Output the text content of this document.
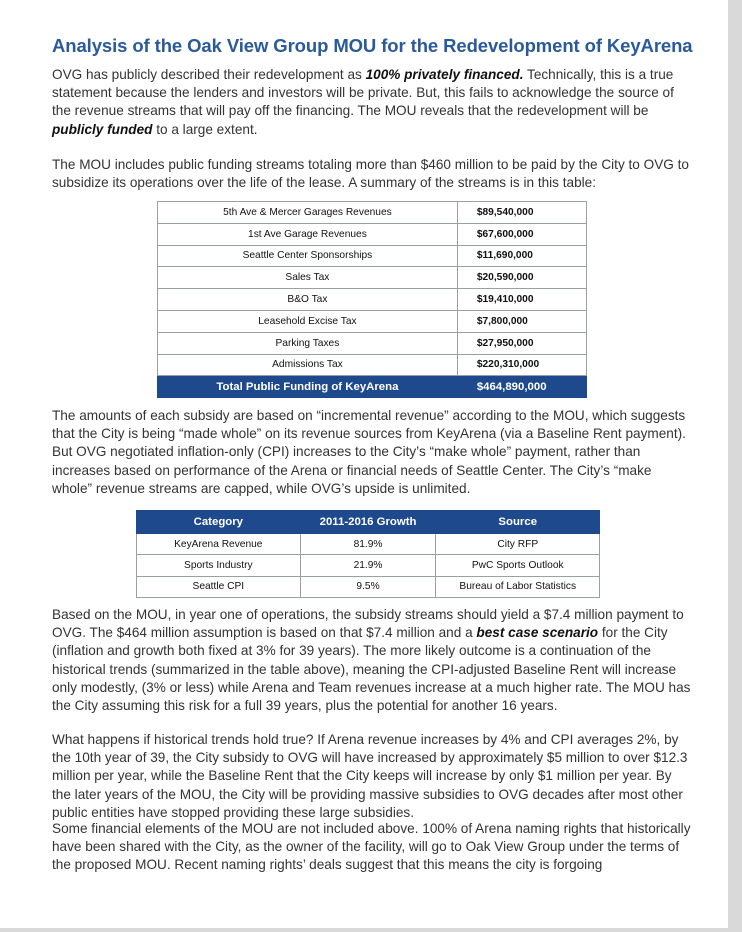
Analysis of the Oak View Group MOU for the Redevelopment of KeyArena

OVG has publicly described their redevelopment as 100% privately financed. Technically, this is a true statement because the lenders and investors will be private. But, this fails to acknowledge the source of the revenue streams that will pay off the financing. The MOU reveals that the redevelopment will be publicly funded to a large extent.

The MOU includes public funding streams totaling more than $460 million to be paid by the City to OVG to subsidize its operations over the life of the lease. A summary of the streams is in this table:

5th Ave & Mercer Garages Revenues	$89,540,000
1st Ave Garage Revenues	$67,600,000
Seattle Center Sponsorships	$11,690,000
Sales Tax	$20,590,000
B&O Tax	$19,410,000
Leasehold Excise Tax	$7,800,000
Parking Taxes	$27,950,000
Admissions Tax	$220,310,000
Total Public Funding of KeyArena	$464,890,000

The amounts of each subsidy are based on “incremental revenue” according to the MOU, which suggests that the City is being “made whole” on its revenue sources from KeyArena (via a Baseline Rent payment). But OVG negotiated inflation-only (CPI) increases to the City’s “make whole” payment, rather than increases based on performance of the Arena or financial needs of Seattle Center. The City’s “make whole” revenue streams are capped, while OVG’s upside is unlimited.

Category	2011-2016 Growth	Source
KeyArena Revenue	81.9%	City RFP
Sports Industry	21.9%	PwC Sports Outlook
Seattle CPI	9.5%	Bureau of Labor Statistics

Based on the MOU, in year one of operations, the subsidy streams should yield a $7.4 million payment to OVG. The $464 million assumption is based on that $7.4 million and a best case scenario for the City (inflation and growth both fixed at 3% for 39 years). The more likely outcome is a continuation of the historical trends (summarized in the table above), meaning the CPI-adjusted Baseline Rent will increase only modestly, (3% or less) while Arena and Team revenues increase at a much higher rate. The MOU has the City assuming this risk for a full 39 years, plus the potential for another 16 years.

What happens if historical trends hold true? If Arena revenue increases by 4% and CPI averages 2%, by the 10th year of 39, the City subsidy to OVG will have increased by approximately $5 million to over $12.3 million per year, while the Baseline Rent that the City keeps will increase by only $1 million per year. By the later years of the MOU, the City will be providing massive subsidies to OVG decades after most other public entities have stopped providing these large subsidies.

Some financial elements of the MOU are not included above. 100% of Arena naming rights that historically have been shared with the City, as the owner of the facility, will go to Oak View Group under the terms of the proposed MOU. Recent naming rights’ deals suggest that this means the city is forgoing
